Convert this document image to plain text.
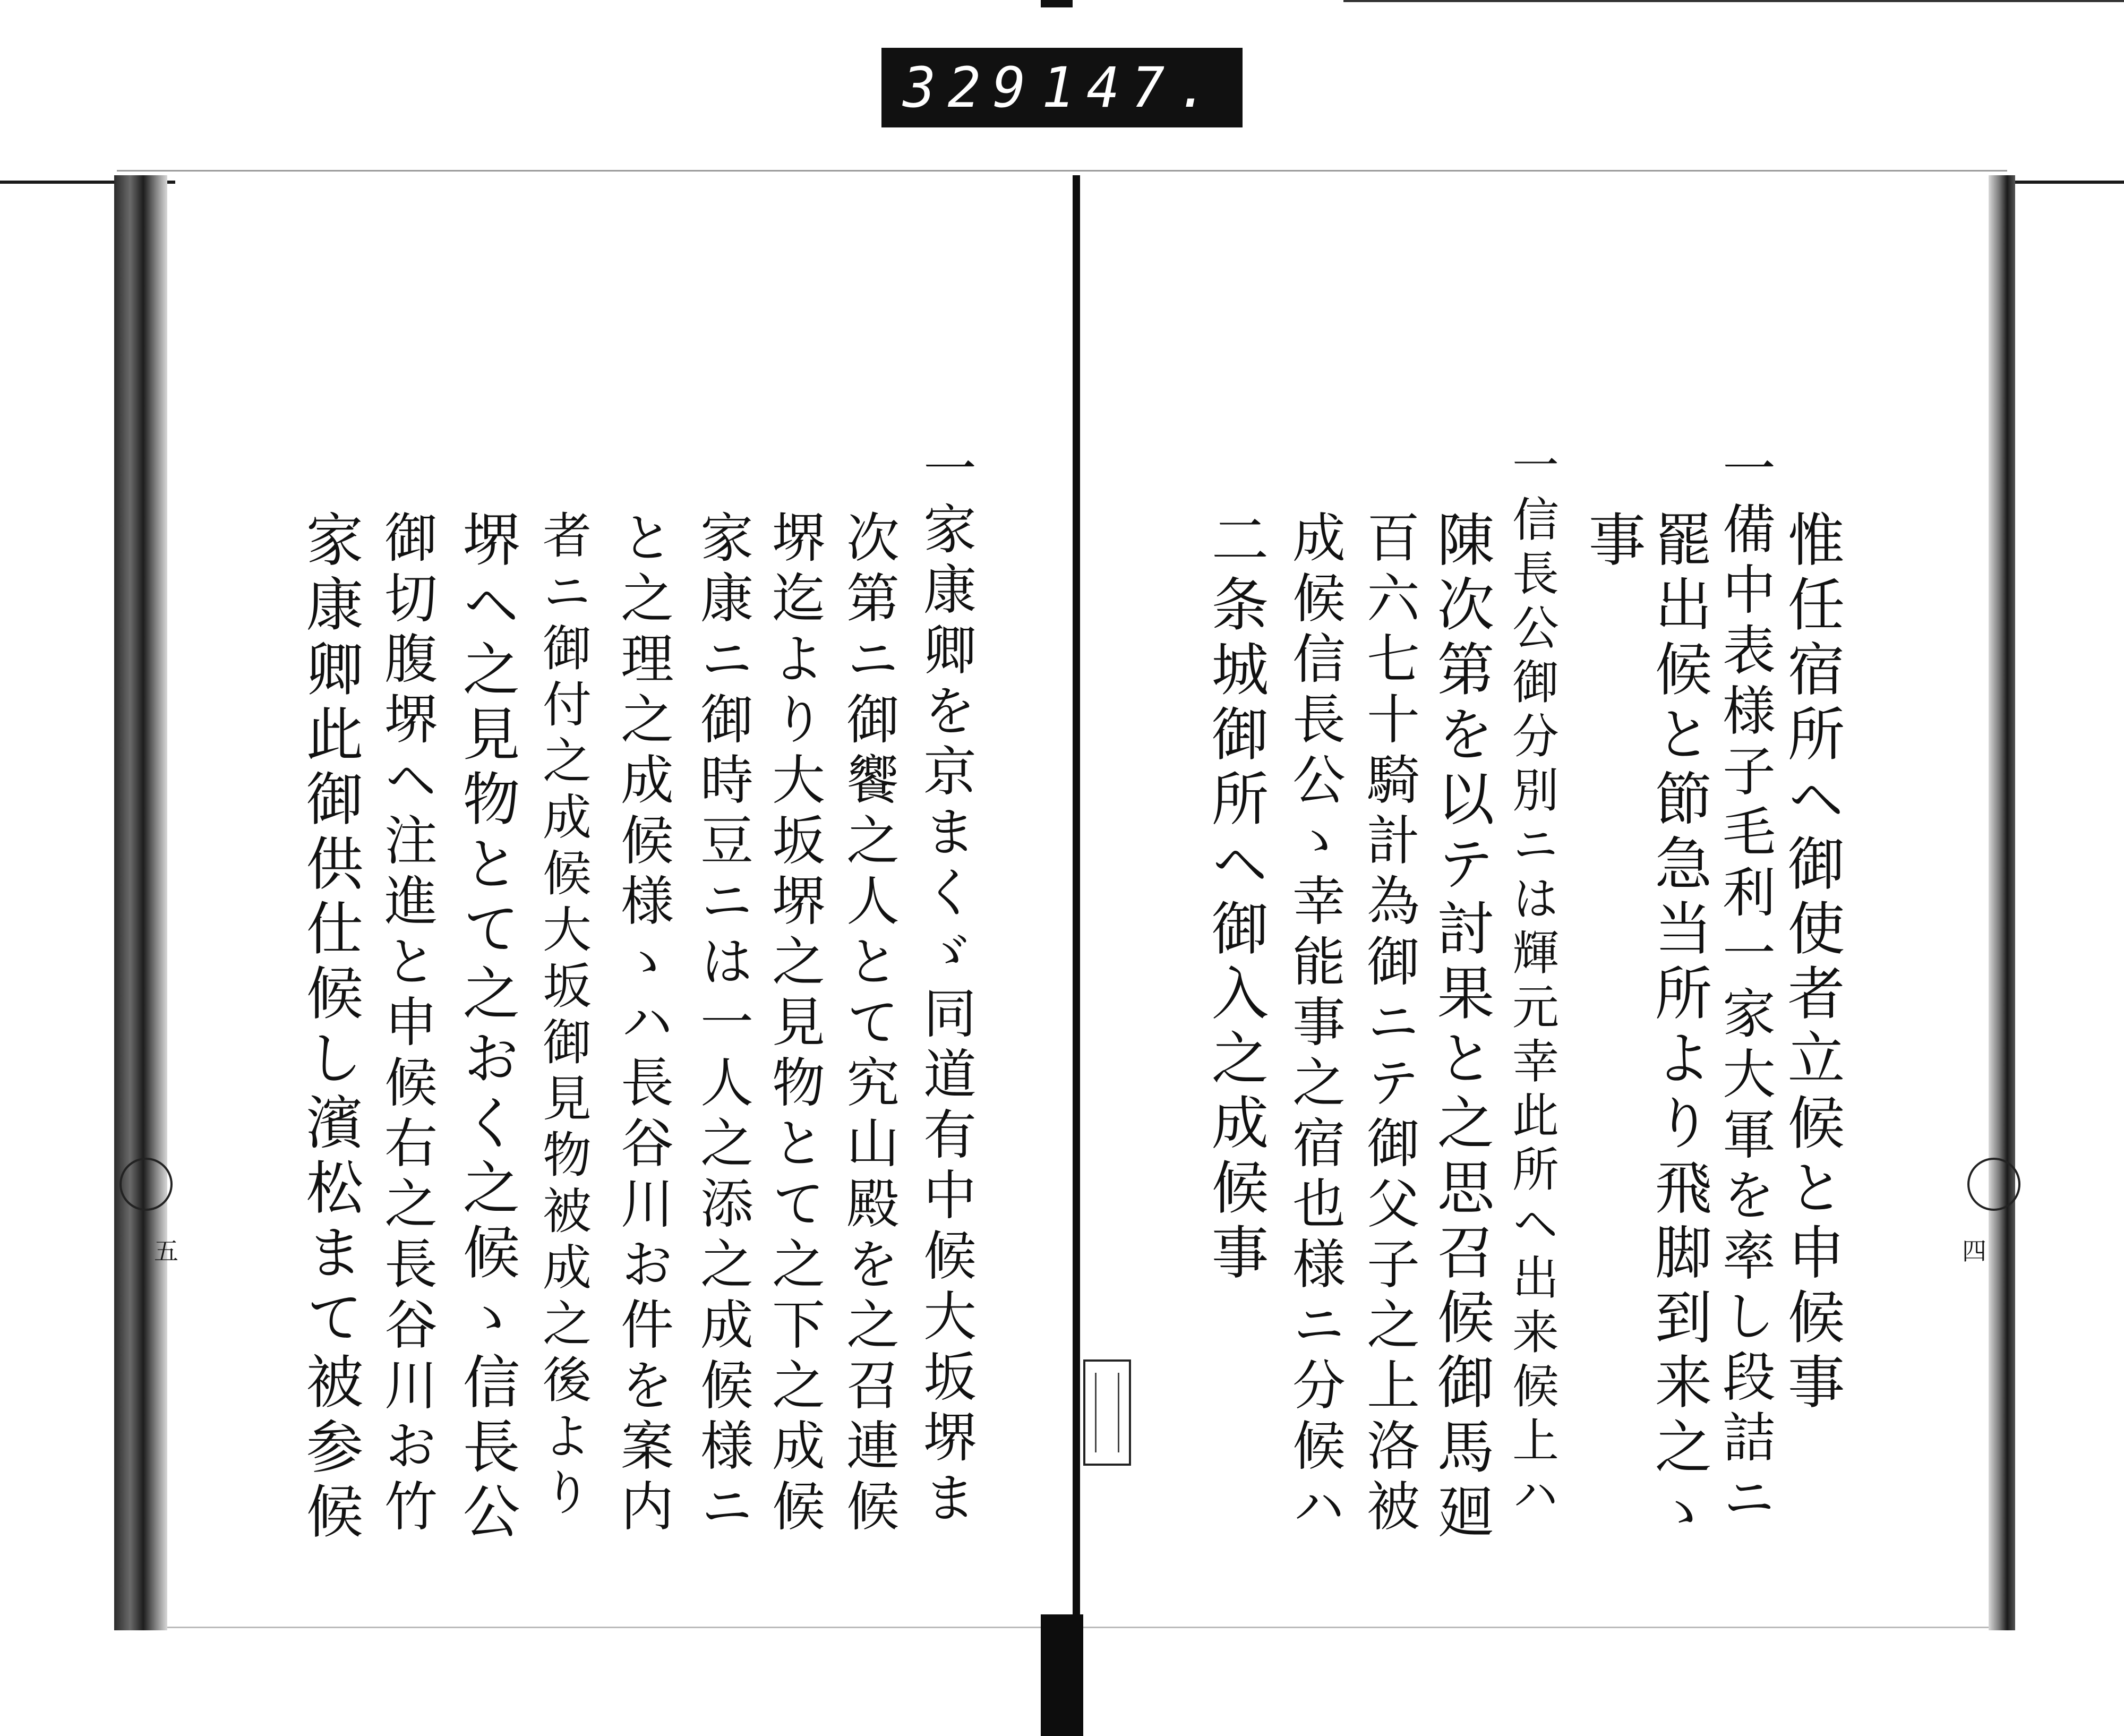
329 147.
五	四
惟任宿所ヘ御使者立候と申候事
一備中表様子毛利一家大軍を率し段詰ニ
罷出候と節急当所より飛脚到来之ゝ
事
一信長公御分別ニは輝元幸此所ヘ出来候上ハ
陳次第を以テ討果と之思召候御馬廻
百六七十騎計為御ニテ御父子之上洛被
成候信長公ゝ幸能事之宿也様ニ分候ハ
二条城御所ヘ御入之成候事
一家康卿を京まくゞ同道有中候大坂堺ま
次第ニ御饗之人とて究山殿を之召連候
堺迄より大坂堺之見物とて之下之成候
家康ニ御時豆ニは一人之添之成候様ニ
と之理之成候様ゝハ長谷川お件を案内
者ニ御付之成候大坂御見物被成之後より
堺ヘ之見物とて之おく之候ゝ信長公
御切腹堺ヘ注進と申候右之長谷川お竹
家康卿此御供仕候し濱松まて被参候
